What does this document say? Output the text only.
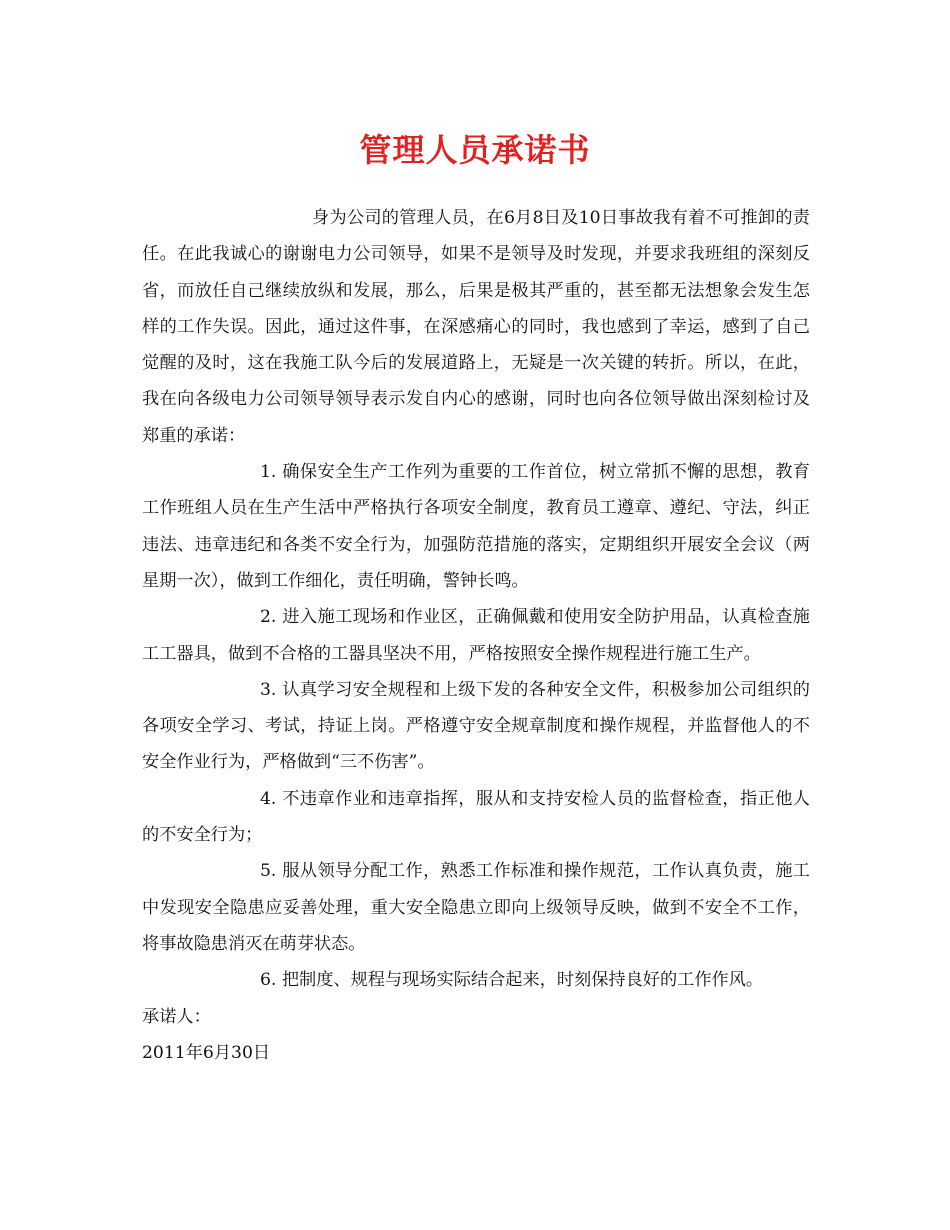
管理人员承诺书

身为公司的管理人员，在6月8日及10日事故我有着不可推卸的责任。在此我诚心的谢谢电力公司领导，如果不是领导及时发现，并要求我班组的深刻反省，而放任自己继续放纵和发展，那么，后果是极其严重的，甚至都无法想象会发生怎样的工作失误。因此，通过这件事，在深感痛心的同时，我也感到了幸运，感到了自己觉醒的及时，这在我施工队今后的发展道路上，无疑是一次关键的转折。所以，在此，我在向各级电力公司领导领导表示发自内心的感谢，同时也向各位领导做出深刻检讨及郑重的承诺：

1. 确保安全生产工作列为重要的工作首位，树立常抓不懈的思想，教育工作班组人员在生产生活中严格执行各项安全制度，教育员工遵章、遵纪、守法，纠正违法、违章违纪和各类不安全行为，加强防范措施的落实，定期组织开展安全会议（两星期一次），做到工作细化，责任明确，警钟长鸣。

2. 进入施工现场和作业区，正确佩戴和使用安全防护用品，认真检查施工工器具，做到不合格的工器具坚决不用，严格按照安全操作规程进行施工生产。

3. 认真学习安全规程和上级下发的各种安全文件，积极参加公司组织的各项安全学习、考试，持证上岗。严格遵守安全规章制度和操作规程，并监督他人的不安全作业行为，严格做到“三不伤害”。

4. 不违章作业和违章指挥，服从和支持安检人员的监督检查，指正他人的不安全行为；

5. 服从领导分配工作，熟悉工作标准和操作规范，工作认真负责，施工中发现安全隐患应妥善处理，重大安全隐患立即向上级领导反映，做到不安全不工作，将事故隐患消灭在萌芽状态。

6. 把制度、规程与现场实际结合起来，时刻保持良好的工作作风。

承诺人：

2011年6月30日
